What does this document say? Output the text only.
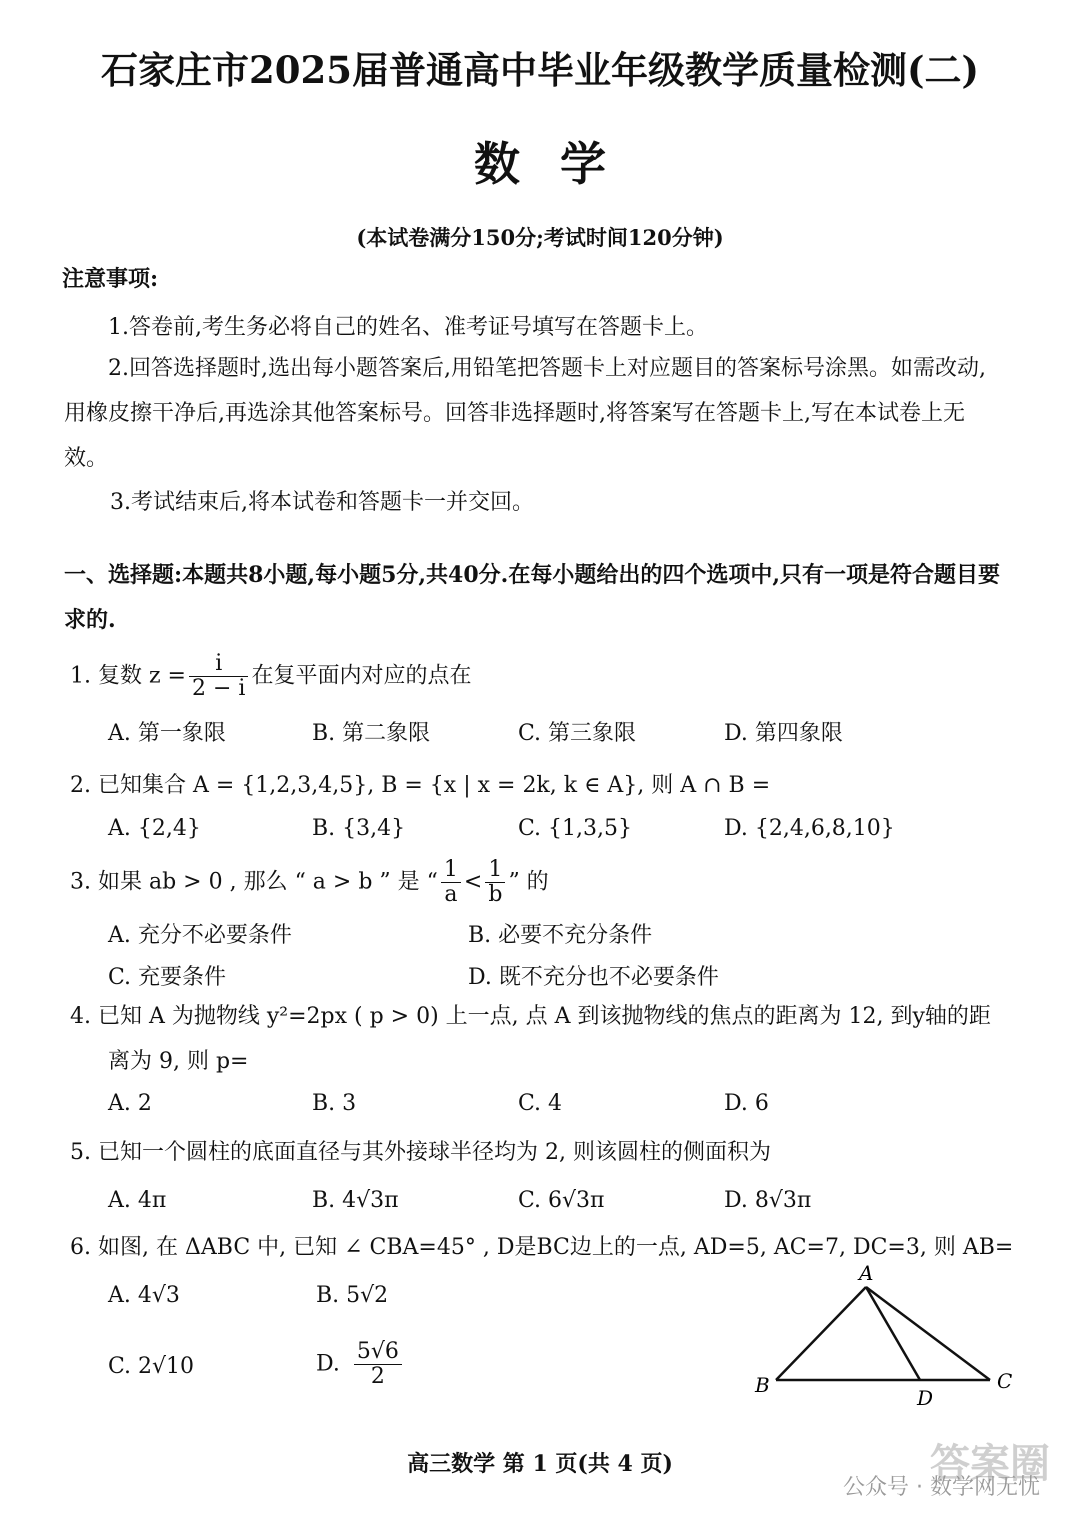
石家庄市2025届普通高中毕业年级教学质量检测(二)
数学
(本试卷满分150分;考试时间120分钟)
注意事项:
1.答卷前,考生务必将自己的姓名、准考证号填写在答题卡上。
2.回答选择题时,选出每小题答案后,用铅笔把答题卡上对应题目的答案标号涂黑。如需改动,用橡皮擦干净后,再选涂其他答案标号。回答非选择题时,将答案写在答题卡上,写在本试卷上无效。
3.考试结束后,将本试卷和答题卡一并交回。
一、选择题:本题共8小题,每小题5分,共40分.在每小题给出的四个选项中,只有一项是符合题目要求的.
1. 复数 $z = \frac{i}{2 - i}$ 在复平面内对应的点在
A. 第一象限	B. 第二象限	C. 第三象限	D. 第四象限
2. 已知集合 A = {1,2,3,4,5}, B = {x | x = 2k, k ∈ A}, 则 A ∩ B =
A. {2,4}	B. {3,4}	C. {1,3,5}	D. {2,4,6,8,10}
3. 如果 ab > 0 , 那么 “ a > b ” 是 “ $\frac{1}{a} < \frac{1}{b}$ ” 的
A. 充分不必要条件	B. 必要不充分条件
C. 充要条件	D. 既不充分也不必要条件
4. 已知 A 为抛物线 y²=2px ( p > 0) 上一点, 点 A 到该抛物线的焦点的距离为 12, 到y轴的距离为 9, 则 p=
A. 2	B. 3	C. 4	D. 6
5. 已知一个圆柱的底面直径与其外接球半径均为 2, 则该圆柱的侧面积为
A. 4π	B. 4√3π	C. 6√3π	D. 8√3π
6. 如图, 在 ΔABC 中, 已知 ∠ CBA=45° , D是BC边上的一点, AD=5, AC=7, DC=3, 则 AB=
A. 4√3	B. 5√2
C. 2√10	D. $\frac{5√6}{2}$
A
B	C
D
高三数学 第 1 页(共 4 页)	答案圈
公众号 · 数学网无忧
